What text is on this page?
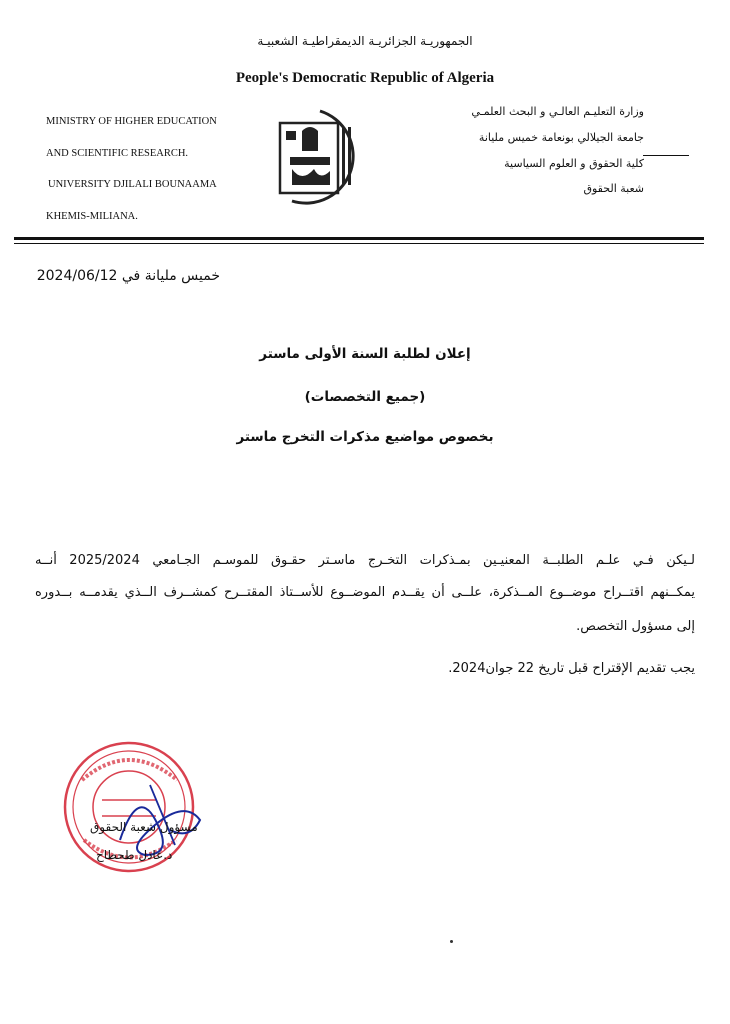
الجمهوريـة الجزائريـة الديمقراطيـة الشعبيـة
People's Democratic Republic of Algeria
MINISTRY OF HIGHER EDUCATION
AND SCIENTIFIC RESEARCH.
UNIVERSITY DJILALI BOUNAAMA
KHEMIS-MILIANA.
وزارة التعليـم العالـي و البحث العلمـي
جامعة الجيلالي بونعامة خميس مليانة
كلية الحقوق و العلوم السياسية
شعبة الحقوق
خميس مليانة في 2024/06/12
إعلان لطلبة السنة الأولى ماستر
(جميع التخصصات)
بخصوص مواضيع مذكرات التخرج ماستر
لـيكن فـي علـم الطلبــة المعنيـين بمـذكرات التخـرج ماسـتر حقـوق للموسـم الجـامعي 2025/2024 أنــه
يمكــنهم اقتــراح موضــوع المــذكرة، علــى أن يقــدم الموضــوع للأســتاذ المقتــرح كمشــرف الــذي يقدمــه بــدوره
إلى مسؤول التخصص.
يجب تقديم الإقتراح قبل تاريخ 22 جوان2024.
مسؤول شعبة الحقوق
د.عادل طحطاح
